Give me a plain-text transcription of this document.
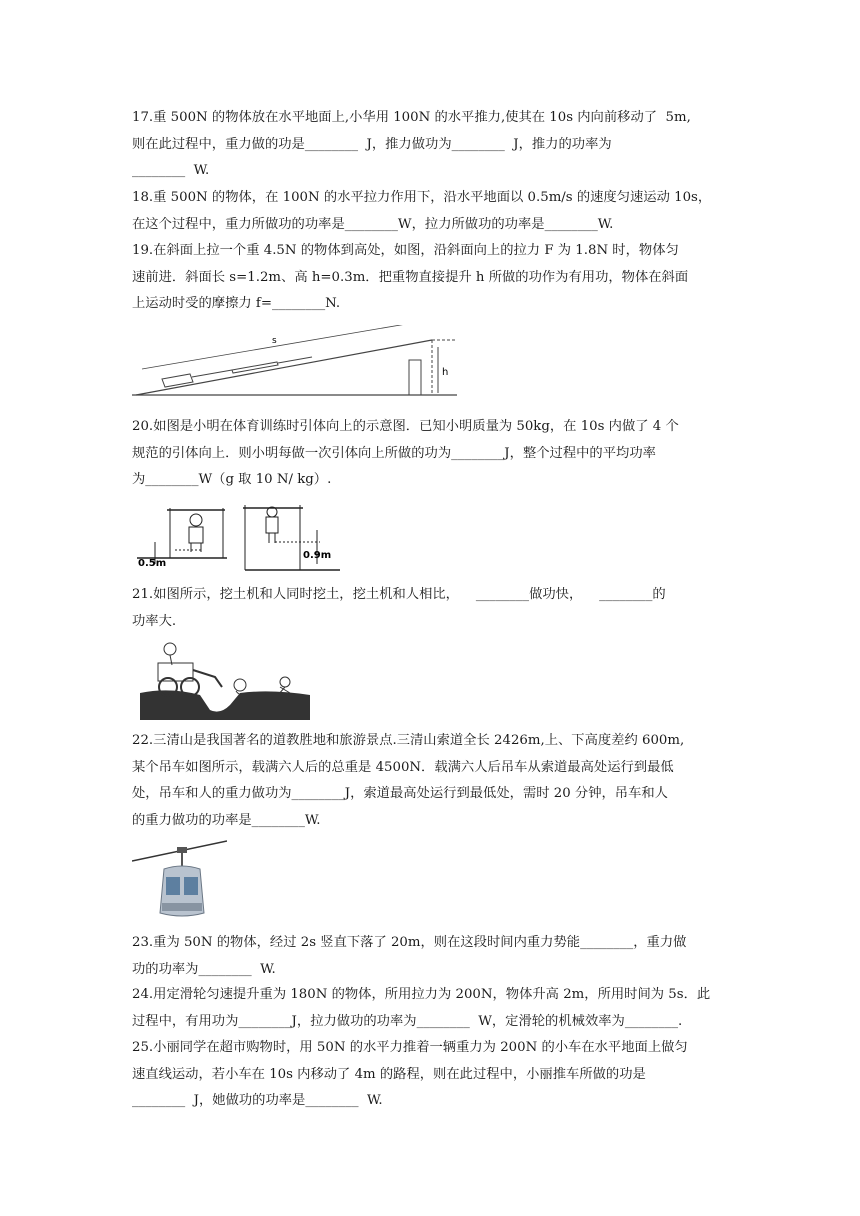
17.重 500N 的物体放在水平地面上,小华用 100N 的水平推力,使其在 10s 内向前移动了  5m,

则在此过程中，重力做的功是________  J，推力做功为________  J，推力的功率为

________  W.

18.重 500N 的物体，在 100N 的水平拉力作用下，沿水平地面以 0.5m/s 的速度匀速运动 10s，

在这个过程中，重力所做功的功率是________W，拉力所做功的功率是________W.

19.在斜面上拉一个重 4.5N 的物体到高处，如图，沿斜面向上的拉力 F 为 1.8N 时，物体匀

速前进．斜面长 s=1.2m、高 h=0.3m．把重物直接提升 h 所做的功作为有用功，物体在斜面

上运动时受的摩擦力 f=________N.

s
h

20.如图是小明在体育训练时引体向上的示意图．已知小明质量为 50kg，在 10s 内做了 4 个

规范的引体向上．则小明每做一次引体向上所做的功为________J，整个过程中的平均功率

为________W（g 取 10 N/ kg）.

0.5m
0.9m

21.如图所示，挖土机和人同时挖土，挖土机和人相比，    ________做功快，    ________的

功率大.

22.三清山是我国著名的道教胜地和旅游景点.三清山索道全长 2426m,上、下高度差约 600m,

某个吊车如图所示，载满六人后的总重是 4500N．载满六人后吊车从索道最高处运行到最低

处，吊车和人的重力做功为________J，索道最高处运行到最低处，需时 20 分钟，吊车和人

的重力做功的功率是________W.

23.重为 50N 的物体，经过 2s 竖直下落了 20m，则在这段时间内重力势能________，重力做

功的功率为________  W.

24.用定滑轮匀速提升重为 180N 的物体，所用拉力为 200N，物体升高 2m，所用时间为 5s．此

过程中，有用功为________J，拉力做功的功率为________  W，定滑轮的机械效率为________.

25.小丽同学在超市购物时，用 50N 的水平力推着一辆重力为 200N 的小车在水平地面上做匀

速直线运动，若小车在 10s 内移动了 4m 的路程，则在此过程中，小丽推车所做的功是

________  J，她做功的功率是________  W.
